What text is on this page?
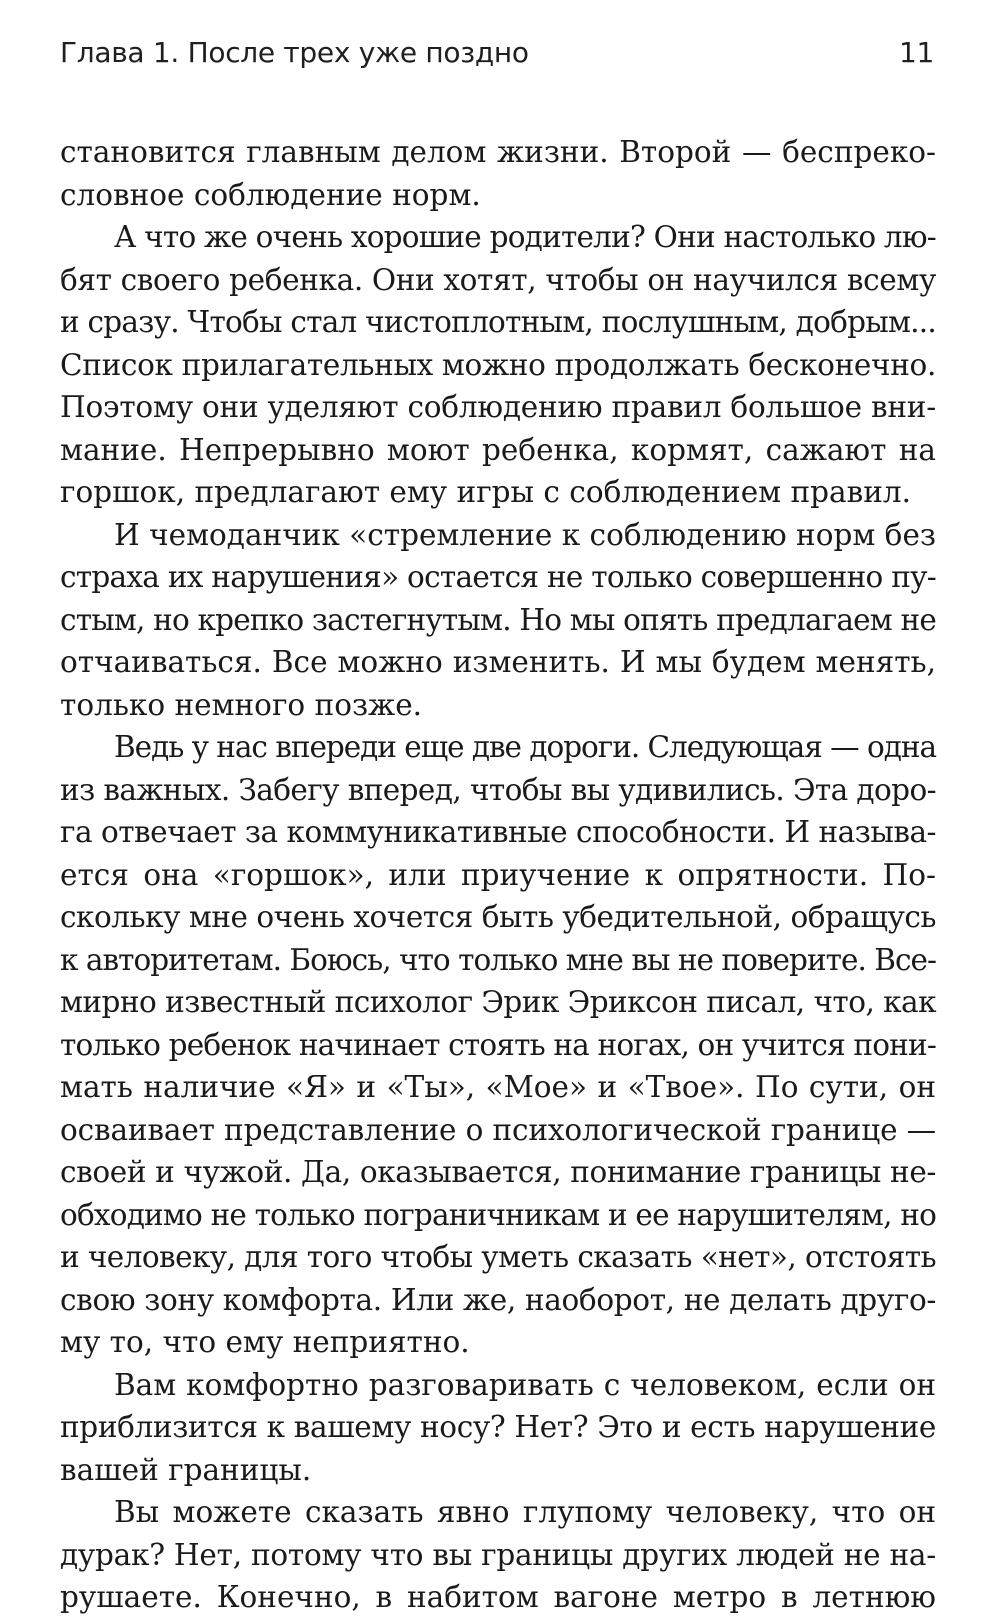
Глава 1. После трех уже поздно	11
становится главным делом жизни. Второй — беспреко-
словное соблюдение норм.
А что же очень хорошие родители? Они настолько лю-
бят своего ребенка. Они хотят, чтобы он научился всему
и сразу. Чтобы стал чистоплотным, послушным, добрым...
Список прилагательных можно продолжать бесконечно.
Поэтому они уделяют соблюдению правил большое вни-
мание. Непрерывно моют ребенка, кормят, сажают на
горшок, предлагают ему игры с соблюдением правил.
И чемоданчик «стремление к соблюдению норм без
страха их нарушения» остается не только совершенно пу-
стым, но крепко застегнутым. Но мы опять предлагаем не
отчаиваться. Все можно изменить. И мы будем менять,
только немного позже.
Ведь у нас впереди еще две дороги. Следующая — одна
из важных. Забегу вперед, чтобы вы удивились. Эта доро-
га отвечает за коммуникативные способности. И называ-
ется она «горшок», или приучение к опрятности. По-
скольку мне очень хочется быть убедительной, обращусь
к авторитетам. Боюсь, что только мне вы не поверите. Все-
мирно известный психолог Эрик Эриксон писал, что, как
только ребенок начинает стоять на ногах, он учится пони-
мать наличие «Я» и «Ты», «Мое» и «Твое». По сути, он
осваивает представление о психологической границе —
своей и чужой. Да, оказывается, понимание границы не-
обходимо не только пограничникам и ее нарушителям, но
и человеку, для того чтобы уметь сказать «нет», отстоять
свою зону комфорта. Или же, наоборот, не делать друго-
му то, что ему неприятно.
Вам комфортно разговаривать с человеком, если он
приблизится к вашему носу? Нет? Это и есть нарушение
вашей границы.
Вы можете сказать явно глупому человеку, что он
дурак? Нет, потому что вы границы других людей не на-
рушаете. Конечно, в набитом вагоне метро в летнюю
